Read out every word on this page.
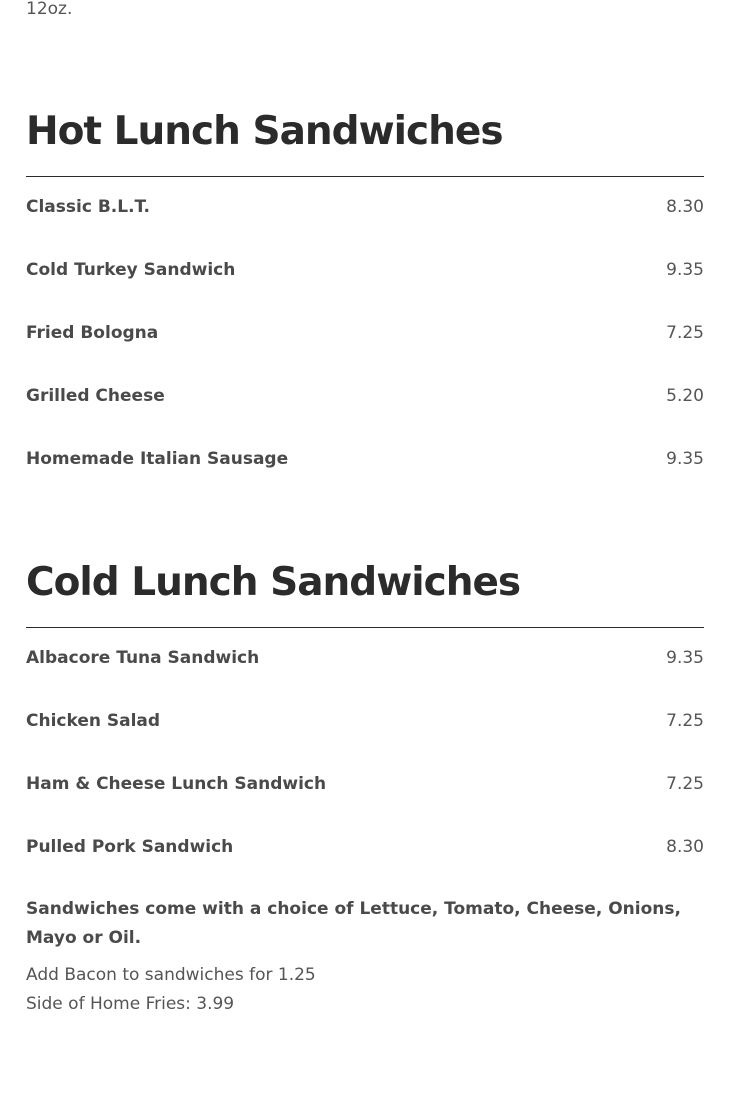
12oz.

Hot Lunch Sandwiches
Classic B.L.T.	8.30
Cold Turkey Sandwich	9.35
Fried Bologna	7.25
Grilled Cheese	5.20
Homemade Italian Sausage	9.35
Cold Lunch Sandwiches
Albacore Tuna Sandwich	9.35
Chicken Salad	7.25
Ham & Cheese Lunch Sandwich	7.25
Pulled Pork Sandwich	8.30

Sandwiches come with a choice of Lettuce, Tomato, Cheese, Onions, Mayo or Oil.

Add Bacon to sandwiches for 1.25

Side of Home Fries: 3.99
